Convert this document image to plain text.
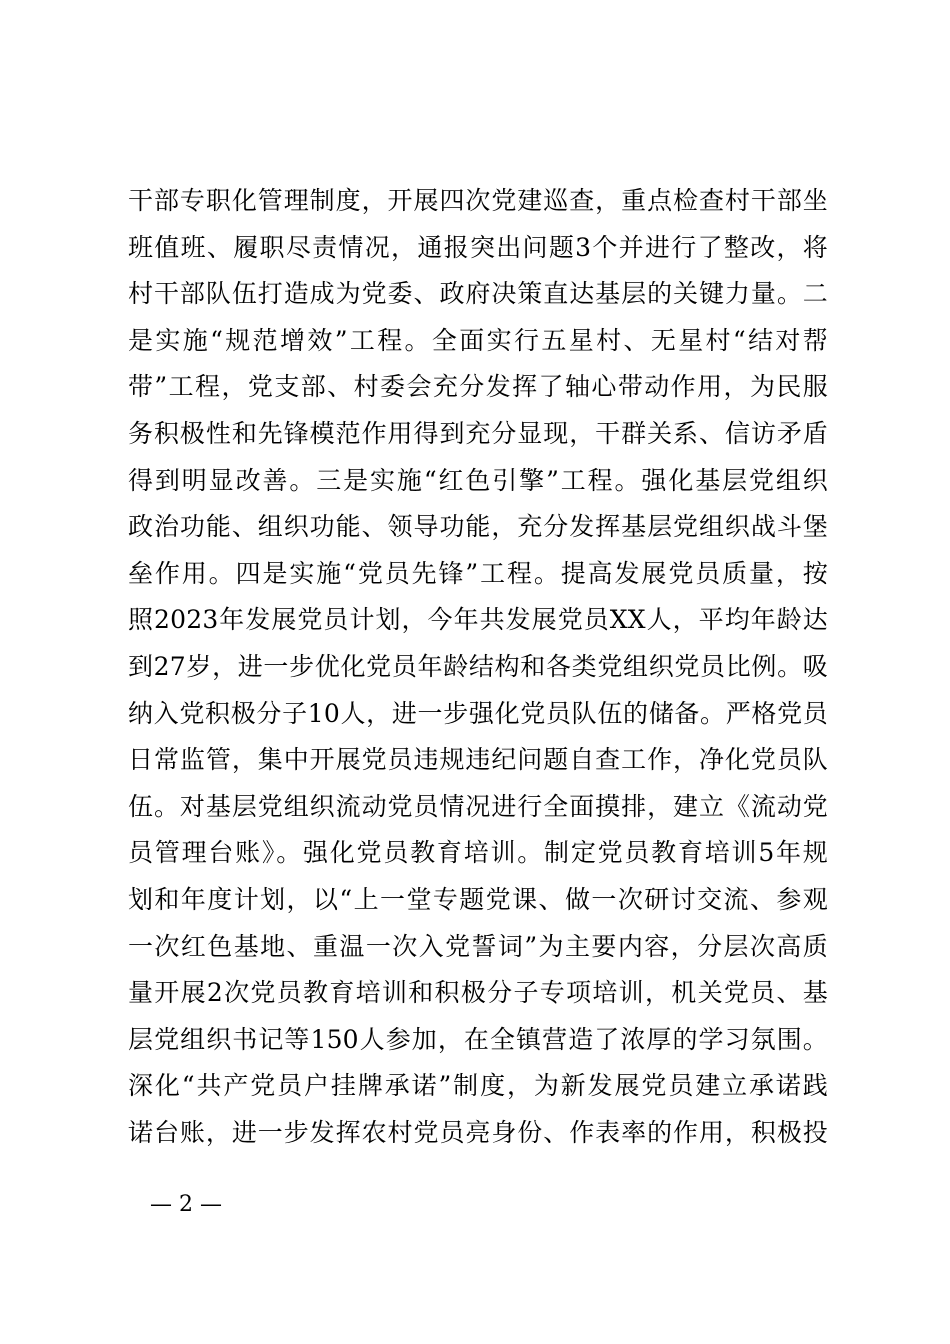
干部专职化管理制度，开展四次党建巡查，重点检查村干部坐
班值班、履职尽责情况，通报突出问题3个并进行了整改，将
村干部队伍打造成为党委、政府决策直达基层的关键力量。二
是实施“规范增效”工程。全面实行五星村、无星村“结对帮
带”工程，党支部、村委会充分发挥了轴心带动作用，为民服
务积极性和先锋模范作用得到充分显现，干群关系、信访矛盾
得到明显改善。三是实施“红色引擎”工程。强化基层党组织
政治功能、组织功能、领导功能，充分发挥基层党组织战斗堡
垒作用。四是实施“党员先锋”工程。提高发展党员质量，按
照2023年发展党员计划，今年共发展党员XX人，平均年龄达
到27岁，进一步优化党员年龄结构和各类党组织党员比例。吸
纳入党积极分子10人，进一步强化党员队伍的储备。严格党员
日常监管，集中开展党员违规违纪问题自查工作，净化党员队
伍。对基层党组织流动党员情况进行全面摸排，建立《流动党
员管理台账》。强化党员教育培训。制定党员教育培训5年规
划和年度计划，以“上一堂专题党课、做一次研讨交流、参观
一次红色基地、重温一次入党誓词”为主要内容，分层次高质
量开展2次党员教育培训和积极分子专项培训，机关党员、基
层党组织书记等150人参加，在全镇营造了浓厚的学习氛围。
深化“共产党员户挂牌承诺”制度，为新发展党员建立承诺践
诺台账，进一步发挥农村党员亮身份、作表率的作用，积极投
— 2 —
